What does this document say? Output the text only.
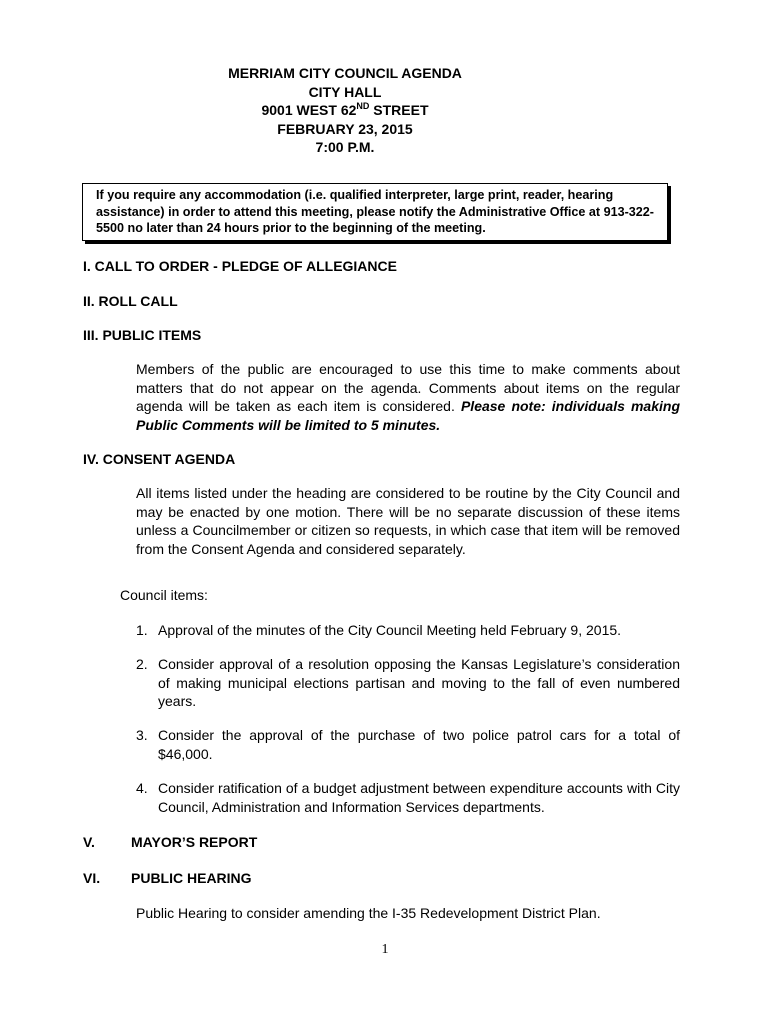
MERRIAM CITY COUNCIL AGENDA
CITY HALL
9001 WEST 62ND STREET
FEBRUARY 23, 2015
7:00 P.M.
If you require any accommodation (i.e. qualified interpreter, large print, reader, hearing assistance) in order to attend this meeting, please notify the Administrative Office at 913-322-5500 no later than 24 hours prior to the beginning of the meeting.
I. CALL TO ORDER - PLEDGE OF ALLEGIANCE
II. ROLL CALL
III. PUBLIC ITEMS
Members of the public are encouraged to use this time to make comments about matters that do not appear on the agenda. Comments about items on the regular agenda will be taken as each item is considered. Please note: individuals making Public Comments will be limited to 5 minutes.
IV. CONSENT AGENDA
All items listed under the heading are considered to be routine by the City Council and may be enacted by one motion. There will be no separate discussion of these items unless a Councilmember or citizen so requests, in which case that item will be removed from the Consent Agenda and considered separately.
Council items:
1. Approval of the minutes of the City Council Meeting held February 9, 2015.
2. Consider approval of a resolution opposing the Kansas Legislature’s consideration of making municipal elections partisan and moving to the fall of even numbered years.
3. Consider the approval of the purchase of two police patrol cars for a total of $46,000.
4. Consider ratification of a budget adjustment between expenditure accounts with City Council, Administration and Information Services departments.
V.	MAYOR’S REPORT
VI. PUBLIC HEARING
Public Hearing to consider amending the I-35 Redevelopment District Plan.
1
